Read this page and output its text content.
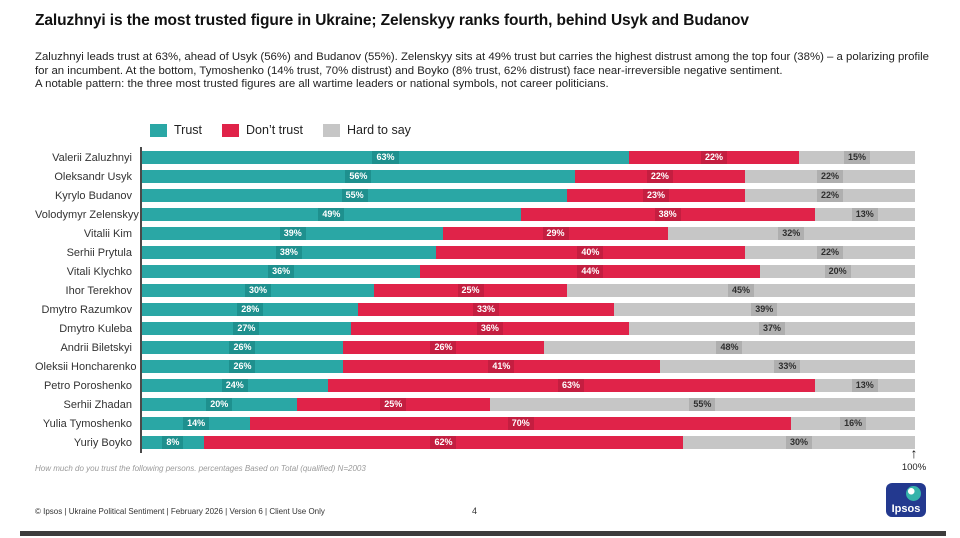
Zaluzhnyi is the most trusted figure in Ukraine; Zelenskyy ranks fourth, behind Usyk and Budanov

Zaluzhnyi leads trust at 63%, ahead of Usyk (56%) and Budanov (55%). Zelenskyy sits at 49% trust but carries the highest distrust among the top four (38%) – a polarizing profile for an incumbent. At the bottom, Tymoshenko (14% trust, 70% distrust) and Boyko (8% trust, 62% distrust) face near-irreversible negative sentiment.

A notable pattern: the three most trusted figures are all wartime leaders or national symbols, not career politicians.

Trust	Don’t trust	Hard to say
Valerii Zaluzhnyi	63%	22%	15%
Oleksandr Usyk	56%	22%	22%
Kyrylo Budanov	55%	23%	22%
Volodymyr Zelenskyy	49%	38%	13%
Vitalii Kim	39%	29%	32%
Serhii Prytula	38%	40%	22%
Vitali Klychko	36%	44%	20%
Ihor Terekhov	30%	25%	45%
Dmytro Razumkov	28%	33%	39%
Dmytro Kuleba	27%	36%	37%
Andrii Biletskyi	26%	26%	48%
Oleksii Honcharenko	26%	41%	33%
Petro Poroshenko	24%	63%	13%
Serhii Zhadan	20%	25%	55%
Yulia Tymoshenko	14%	70%	16%
Yuriy Boyko	8%	62%	30%
↑
100%
How much do you trust the following persons. percentages Based on Total (qualified) N=2003
© Ipsos | Ukraine Political Sentiment | February 2026 | Version 6 | Client Use Only	4	Ipsos
